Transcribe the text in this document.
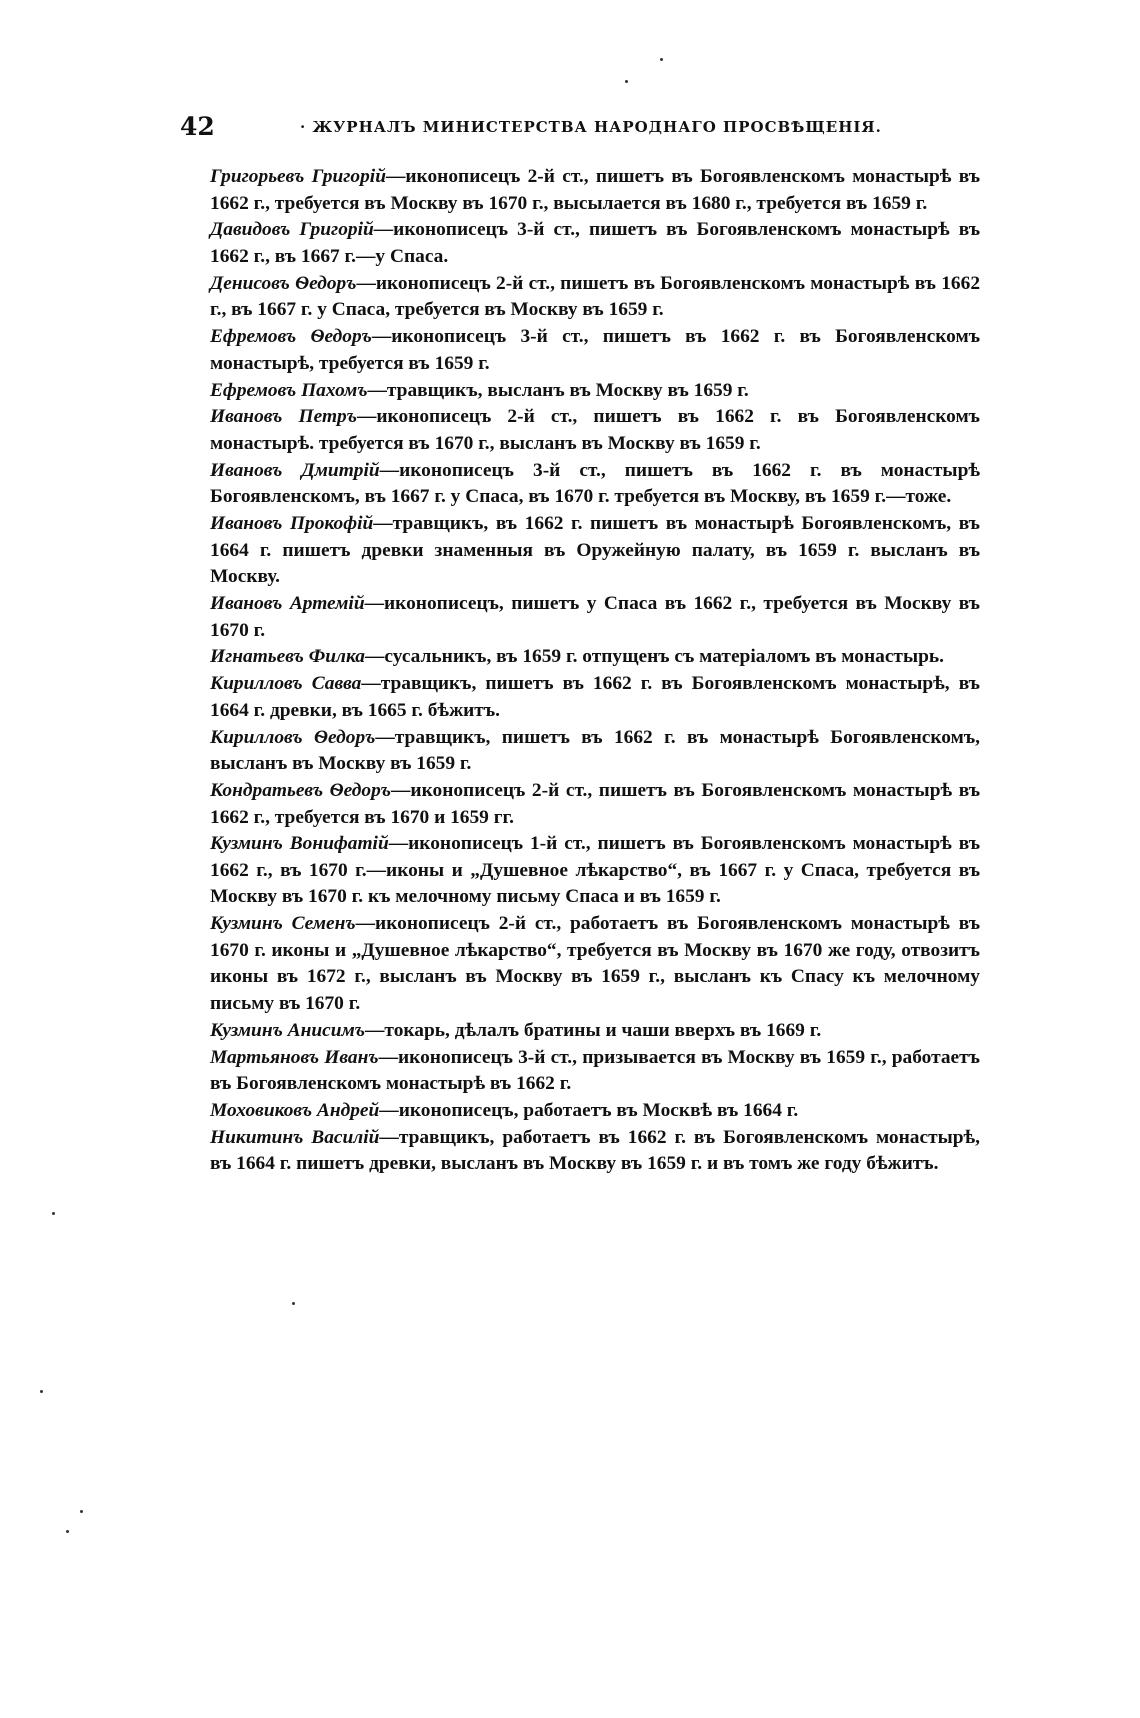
42	· ЖУРНАЛЪ МИНИСТЕРСТВА НАРОДНАГО ПРОСВѢЩЕНІЯ.
Григорьевъ Григорій—иконописецъ 2-й ст., пишетъ въ Богоявленскомъ монастырѣ въ 1662 г., требуется въ Москву въ 1670 г., высылается въ 1680 г., требуется въ 1659 г.
Давидовъ Григорій—иконописецъ 3-й ст., пишетъ въ Богоявленскомъ монастырѣ въ 1662 г., въ 1667 г.—у Спаса.
Денисовъ Ѳедоръ—иконописецъ 2-й ст., пишетъ въ Богоявленскомъ монастырѣ въ 1662 г., въ 1667 г. у Спаса, требуется въ Москву въ 1659 г.
Ефремовъ Ѳедоръ—иконописецъ 3-й ст., пишетъ въ 1662 г. въ Богоявленскомъ монастырѣ, требуется въ 1659 г.
Ефремовъ Пахомъ—травщикъ, высланъ въ Москву въ 1659 г.
Ивановъ Петръ—иконописецъ 2-й ст., пишетъ въ 1662 г. въ Богоявленскомъ монастырѣ. требуется въ 1670 г., высланъ въ Москву въ 1659 г.
Ивановъ Дмитрій—иконописецъ 3-й ст., пишетъ въ 1662 г. въ монастырѣ Богоявленскомъ, въ 1667 г. у Спаса, въ 1670 г. требуется въ Москву, въ 1659 г.—тоже.
Ивановъ Прокофій—травщикъ, въ 1662 г. пишетъ въ монастырѣ Богоявленскомъ, въ 1664 г. пишетъ древки знаменныя въ Оружейную палату, въ 1659 г. высланъ въ Москву.
Ивановъ Артемій—иконописецъ, пишетъ у Спаса въ 1662 г., требуется въ Москву въ 1670 г.
Игнатьевъ Филка—сусальникъ, въ 1659 г. отпущенъ съ матеріаломъ въ монастырь.
Кирилловъ Савва—травщикъ, пишетъ въ 1662 г. въ Богоявленскомъ монастырѣ, въ 1664 г. древки, въ 1665 г. бѣжитъ.
Кирилловъ Ѳедоръ—травщикъ, пишетъ въ 1662 г. въ монастырѣ Богоявленскомъ, высланъ въ Москву въ 1659 г.
Кондратьевъ Ѳедоръ—иконописецъ 2-й ст., пишетъ въ Богоявленскомъ монастырѣ въ 1662 г., требуется въ 1670 и 1659 гг.
Кузминъ Вонифатій—иконописецъ 1-й ст., пишетъ въ Богоявленскомъ монастырѣ въ 1662 г., въ 1670 г.—иконы и „Душевное лѣкарство“, въ 1667 г. у Спаса, требуется въ Москву въ 1670 г. къ мелочному письму Спаса и въ 1659 г.
Кузминъ Семенъ—иконописецъ 2-й ст., работаетъ въ Богоявленскомъ монастырѣ въ 1670 г. иконы и „Душевное лѣкарство“, требуется въ Москву въ 1670 же году, отвозитъ иконы въ 1672 г., высланъ въ Москву въ 1659 г., высланъ къ Спасу къ мелочному письму въ 1670 г.
Кузминъ Анисимъ—токарь, дѣлалъ братины и чаши вверхъ въ 1669 г.
Мартьяновъ Иванъ—иконописецъ 3-й ст., призывается въ Москву въ 1659 г., работаетъ въ Богоявленскомъ монастырѣ въ 1662 г.
Моховиковъ Андрей—иконописецъ, работаетъ въ Москвѣ въ 1664 г.
Никитинъ Василій—травщикъ, работаетъ въ 1662 г. въ Богоявленскомъ монастырѣ, въ 1664 г. пишетъ древки, высланъ въ Москву въ 1659 г. и въ томъ же году бѣжитъ.
